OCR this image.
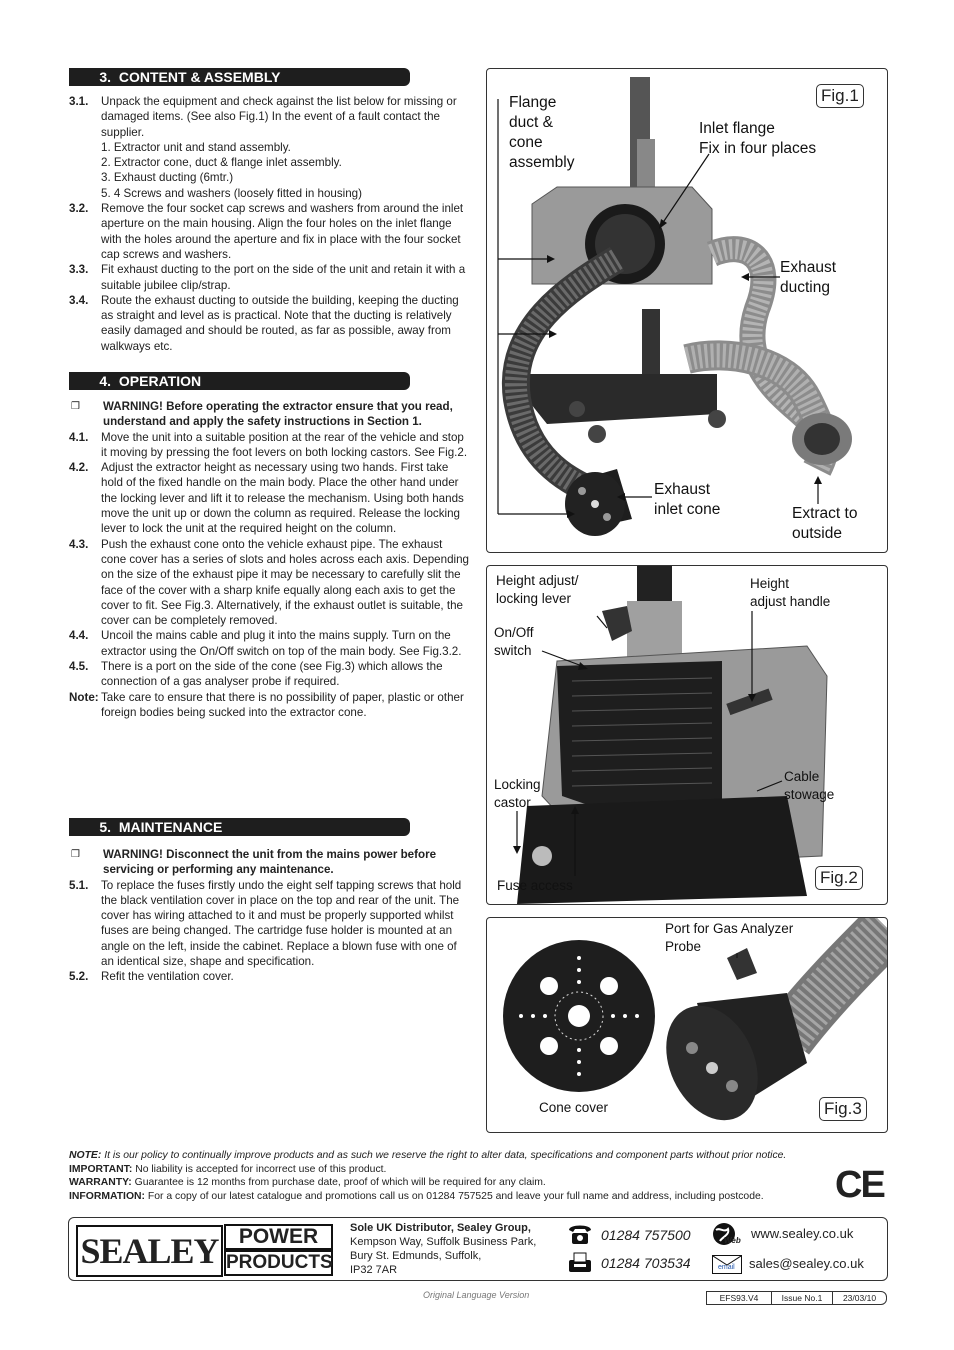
3. CONTENT & ASSEMBLY
3.1.	Unpack the equipment and check against the list below for missing or damaged items. (See also Fig.1) In the event of a fault contact the supplier.
1. Extractor unit and stand assembly.
2. Extractor cone, duct & flange inlet assembly.
3. Exhaust ducting (6mtr.)
5. 4 Screws and washers (loosely fitted in housing)
3.2.	Remove the four socket cap screws and washers from around the inlet aperture on the main housing. Align the four holes on the inlet flange with the holes around the aperture and fix in place with the four socket cap screws and washers.
3.3.	Fit exhaust ducting to the port on the side of the unit and retain it with a suitable jubilee clip/strap.
3.4.	Route the exhaust ducting to outside the building, keeping the ducting as straight and level as is practical. Note that the ducting is relatively easily damaged and should be routed, as far as possible, away from walkways etc.
4. OPERATION
❒	WARNING! Before operating the extractor ensure that you read, understand and apply the safety instructions in Section 1.
4.1.	Move the unit into a suitable position at the rear of the vehicle and stop it moving by pressing the foot levers on both locking castors. See Fig.2.
4.2.	Adjust the extractor height as necessary using two hands. First take hold of the fixed handle on the main body. Place the other hand under the locking lever and lift it to release the mechanism. Using both hands move the unit up or down the column as required. Release the locking lever to lock the unit at the required height on the column.
4.3.	Push the exhaust cone onto the vehicle exhaust pipe. The exhaust cone cover has a series of slots and holes across each axis. Depending on the size of the exhaust pipe it may be necessary to carefully slit the face of the cover with a sharp knife equally along each axis to get the cover to fit. See Fig.3. Alternatively, if the exhaust outlet is suitable, the cover can be completely removed.
4.4.	Uncoil the mains cable and plug it into the mains supply. Turn on the extractor using the On/Off switch on top of the main body. See Fig.3.2.
4.5.	There is a port on the side of the cone (see Fig.3) which allows the connection of a gas analyser probe if required.
Note: Take care to ensure that there is no possibility of paper, plastic or other foreign bodies being sucked into the extractor cone.
5. MAINTENANCE
❒	WARNING! Disconnect the unit from the mains power before servicing or performing any maintenance.
5.1.	To replace the fuses firstly undo the eight self tapping screws that hold the black ventilation cover in place on the top and rear of the unit. The cover has wiring attached to it and must be properly supported whilst fuses are being changed. The cartridge fuse holder is mounted at an angle on the left, inside the cabinet. Replace a blown fuse with one of an identical size, shape and specification.
5.2.	Refit the ventilation cover.
Flange
duct &
cone
assembly
Inlet flange
Fix in four places
Exhaust
ducting
Exhaust
inlet cone	Extract to
outside
Fig.1
Height adjust/
locking lever
Height
adjust handle
On/Off
switch
Locking
castor
Cable
stowage
Fuse access	Fig.2
Port for Gas Analyzer
Probe
Cone cover	Fig.3
NOTE: It is our policy to continually improve products and as such we reserve the right to alter data, specifications and component parts without prior notice.
IMPORTANT: No liability is accepted for incorrect use of this product.
WARRANTY: Guarantee is 12 months from purchase date, proof of which will be required for any claim.
INFORMATION: For a copy of our latest catalogue and promotions call us on 01284 757525 and leave your full name and address, including postcode.	CE
SEALEY POWER
PRODUCTS
Sole UK Distributor, Sealey Group,
Kempson Way, Suffolk Business Park,
Bury St. Edmunds, Suffolk,
IP32 7AR
01284 757500
01284 703534
Web www.sealey.co.uk
email sales@sealey.co.uk
Original Language Version	EFS93.V4	Issue No.1	23/03/10
